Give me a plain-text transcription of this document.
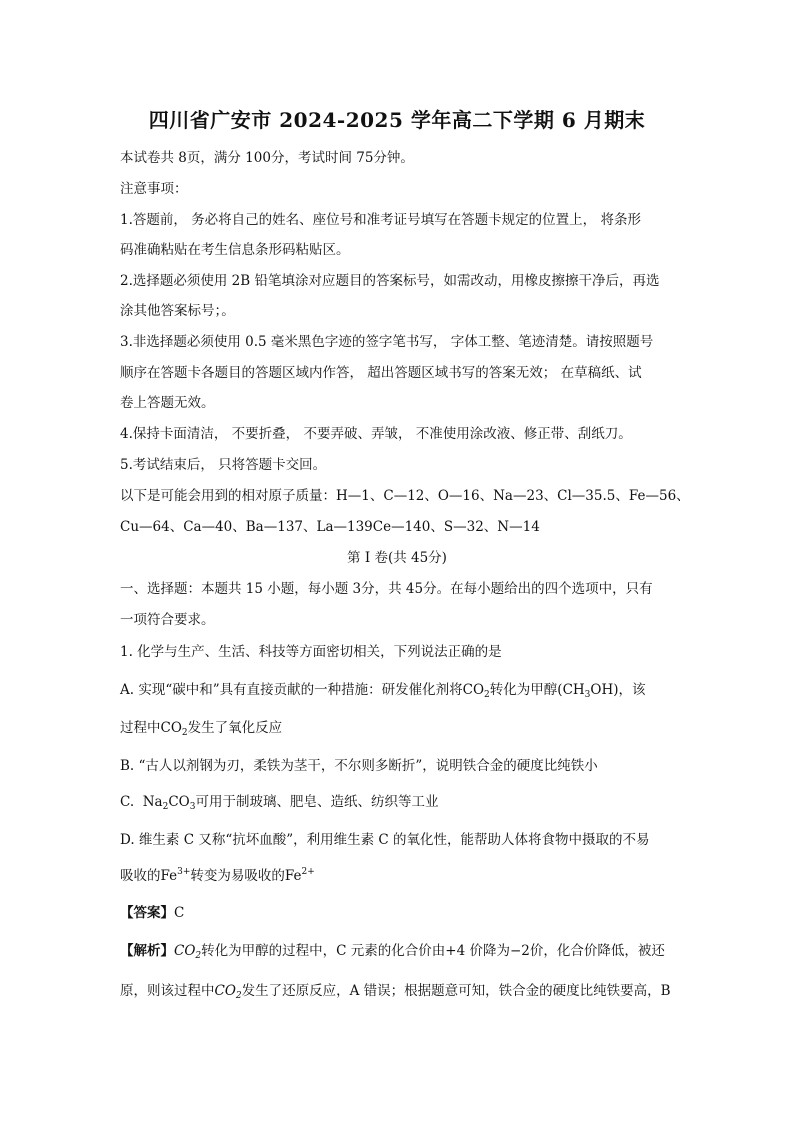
四川省广安市 2024-2025 学年高二下学期 6 月期末
本试卷共 8页，满分 100分，考试时间 75分钟。
注意事项：
1.答题前， 务必将自己的姓名、座位号和准考证号填写在答题卡规定的位置上， 将条形
码准确粘贴在考生信息条形码粘贴区。
2.选择题必须使用 2B 铅笔填涂对应题目的答案标号，如需改动，用橡皮擦擦干净后，再选
涂其他答案标号；。
3.非选择题必须使用 0.5 毫米黑色字迹的签字笔书写， 字体工整、笔迹清楚。请按照题号
顺序在答题卡各题目的答题区域内作答， 超出答题区域书写的答案无效； 在草稿纸、试
卷上答题无效。
4.保持卡面清洁， 不要折叠， 不要弄破、弄皱， 不准使用涂改液、修正带、刮纸刀。
5.考试结束后， 只将答题卡交回。
以下是可能会用到的相对原子质量：H—1、C—12、O—16、Na—23、Cl—35.5、Fe—56、
Cu—64、Ca—40、Ba—137、La—139Ce—140、S—32、N—14
第 I 卷(共 45分)
一、选择题：本题共 15 小题，每小题 3分，共 45分。在每小题给出的四个选项中，只有
一项符合要求。
1. 化学与生产、生活、科技等方面密切相关，下列说法正确的是
A. 实现“碳中和”具有直接贡献的一种措施：研发催化剂将$CO_2$转化为甲醇$(CH_3OH)$，该
过程中$CO_2$发生了氧化反应
B. “古人以剂钢为刃，柔铁为茎干，不尔则多断折”，说明铁合金的硬度比纯铁小
C.  $Na_2CO_3$可用于制玻璃、肥皂、造纸、纺织等工业
D. 维生素 C 又称“抗坏血酸”，利用维生素 C 的氧化性，能帮助人体将食物中摄取的不易
吸收的$Fe^{3+}$转变为易吸收的$Fe^{2+}$
【答案】C
【解析】$CO_2$转化为甲醇的过程中，C 元素的化合价由+4 价降为−2价，化合价降低，被还
原，则该过程中$CO_2$发生了还原反应，A 错误；根据题意可知，铁合金的硬度比纯铁要高，B
